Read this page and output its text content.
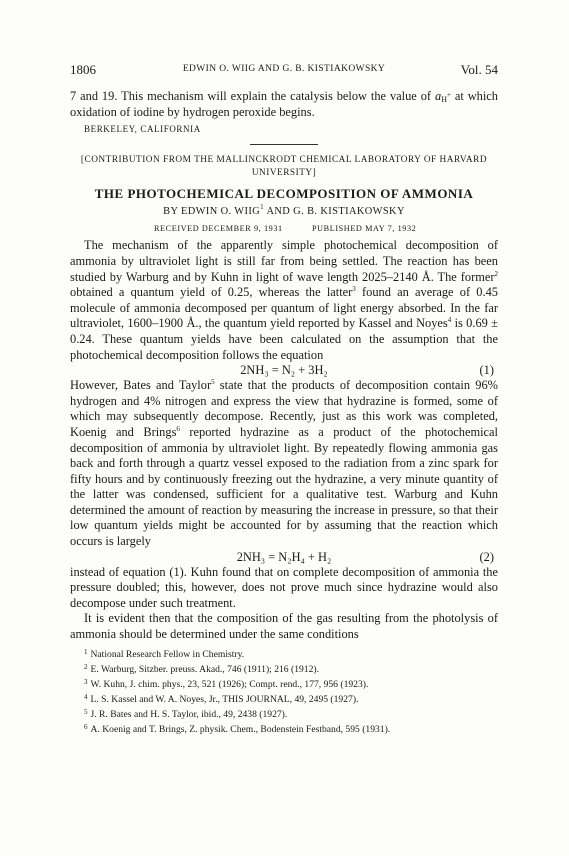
1806	EDWIN O. WIIG AND G. B. KISTIAKOWSKY	Vol. 54

7 and 19. This mechanism will explain the catalysis below the value of $a_{H^+}$ at which oxidation of iodine by hydrogen peroxide begins.

BERKELEY, CALIFORNIA
[CONTRIBUTION FROM THE MALLINCKRODT CHEMICAL LABORATORY OF HARVARD UNIVERSITY]
THE PHOTOCHEMICAL DECOMPOSITION OF AMMONIA
BY EDWIN O. WIIG$^1$ AND G. B. KISTIAKOWSKY
RECEIVED DECEMBER 9, 1931	PUBLISHED MAY 7, 1932

The mechanism of the apparently simple photochemical decomposition of ammonia by ultraviolet light is still far from being settled. The reaction has been studied by Warburg and by Kuhn in light of wave length 2025–2140 Å. The former$^2$ obtained a quantum yield of 0.25, whereas the latter$^3$ found an average of 0.45 molecule of ammonia decomposed per quantum of light energy absorbed. In the far ultraviolet, 1600–1900 Å., the quantum yield reported by Kassel and Noyes$^4$ is 0.69 ± 0.24. These quantum yields have been calculated on the assumption that the photochemical decomposition follows the equation

2NH₃ = N₂ + 3H₂	(1)

However, Bates and Taylor$^5$ state that the products of decomposition contain 96% hydrogen and 4% nitrogen and express the view that hydrazine is formed, some of which may subsequently decompose. Recently, just as this work was completed, Koenig and Brings$^6$ reported hydrazine as a product of the photochemical decomposition of ammonia by ultraviolet light. By repeatedly flowing ammonia gas back and forth through a quartz vessel exposed to the radiation from a zinc spark for fifty hours and by continuously freezing out the hydrazine, a very minute quantity of the latter was condensed, sufficient for a qualitative test. Warburg and Kuhn determined the amount of reaction by measuring the increase in pressure, so that their low quantum yields might be accounted for by assuming that the reaction which occurs is largely

2NH₃ = N₂H₄ + H₂	(2)

instead of equation (1). Kuhn found that on complete decomposition of ammonia the pressure doubled; this, however, does not prove much since hydrazine would also decompose under such treatment.

It is evident then that the composition of the gas resulting from the photolysis of ammonia should be determined under the same conditions

$^1$ National Research Fellow in Chemistry.
$^2$ E. Warburg, Sitzber. preuss. Akad., 746 (1911); 216 (1912).
$^3$ W. Kuhn, J. chim. phys., 23, 521 (1926); Compt. rend., 177, 956 (1923).
$^4$ L. S. Kassel and W. A. Noyes, Jr., THIS JOURNAL, 49, 2495 (1927).
$^5$ J. R. Bates and H. S. Taylor, ibid., 49, 2438 (1927).
$^6$ A. Koenig and T. Brings, Z. physik. Chem., Bodenstein Festband, 595 (1931).
